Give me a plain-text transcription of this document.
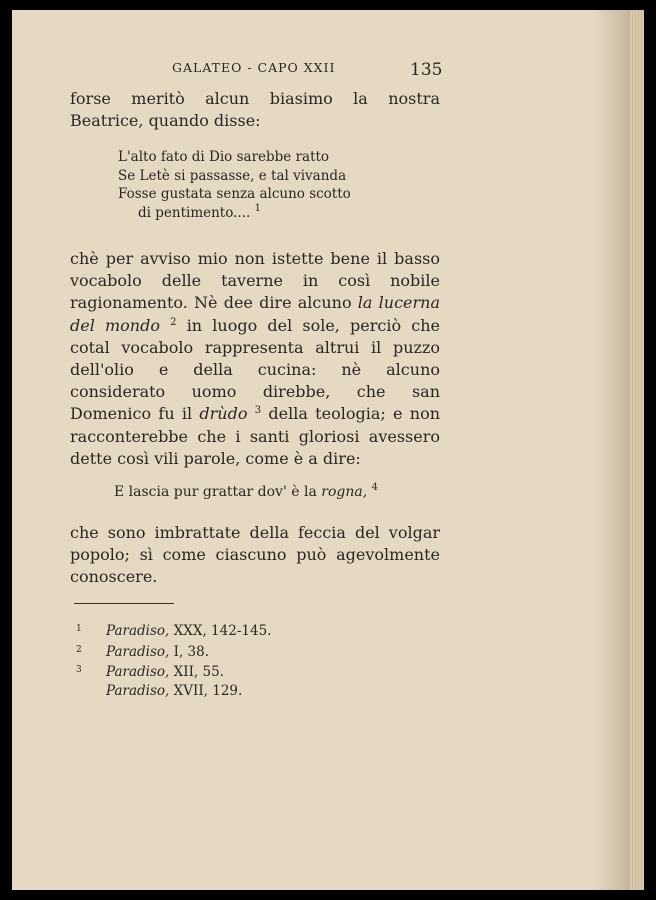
GALATEO - CAPO XXII	135
forse meritò alcun biasimo la nostra Beatrice, quando disse:
L'alto fato di Dio sarebbe ratto
Se Letè si passasse, e tal vivanda
Fosse gustata senza alcuno scotto
di pentimento.... $^1$
chè per avviso mio non istette bene il basso vocabolo delle taverne in così nobile ragionamento. Nè dee dire alcuno la lucerna del mondo $^2$ in luogo del sole, perciò che cotal vocabolo rappresenta altrui il puzzo dell'olio e della cucina: nè alcuno considerato uomo direbbe, che san Domenico fu il drùdo $^3$ della teologia; e non racconterebbe che i santi gloriosi avessero dette così vili parole, come è a dire:
E lascia pur grattar dov' è la rogna, $^4$
che sono imbrattate della feccia del volgar popolo; sì come ciascuno può agevolmente conoscere.
1 Paradiso, XXX, 142-145.
2 Paradiso, I, 38.
3 Paradiso, XII, 55.
Paradiso, XVII, 129.
